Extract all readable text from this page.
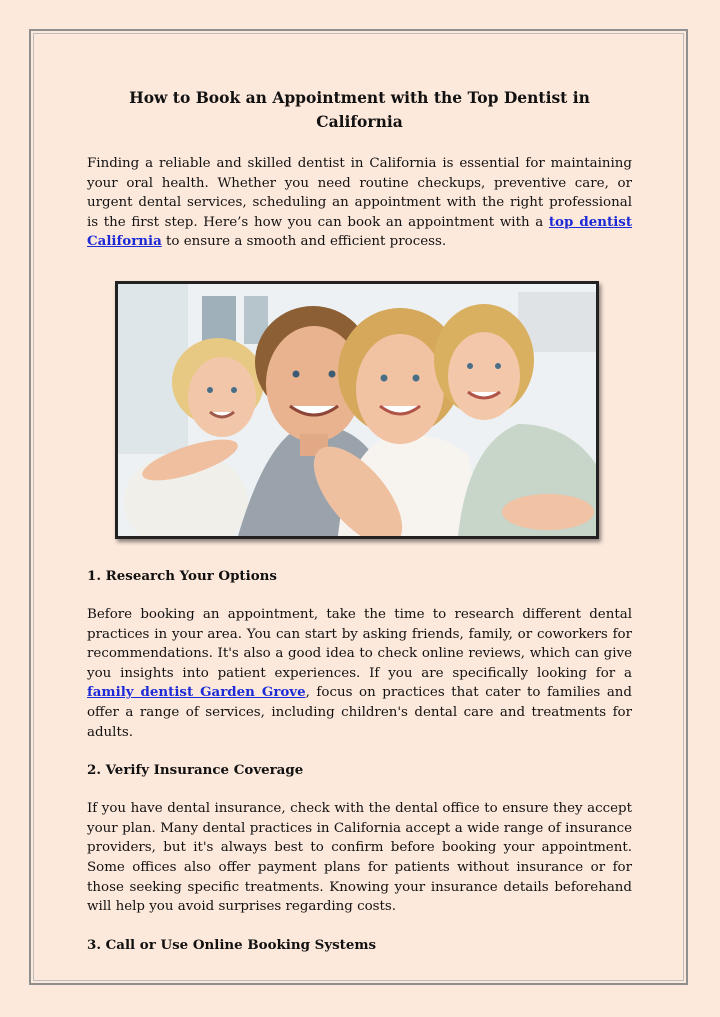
How to Book an Appointment with the Top Dentist in California

Finding a reliable and skilled dentist in California is essential for maintaining your oral health. Whether you need routine checkups, preventive care, or urgent dental services, scheduling an appointment with the right professional is the first step. Here’s how you can book an appointment with a top dentist California to ensure a smooth and efficient process.

1. Research Your Options

Before booking an appointment, take the time to research different dental practices in your area. You can start by asking friends, family, or coworkers for recommendations. It's also a good idea to check online reviews, which can give you insights into patient experiences. If you are specifically looking for a family dentist Garden Grove, focus on practices that cater to families and offer a range of services, including children's dental care and treatments for adults.

2. Verify Insurance Coverage

If you have dental insurance, check with the dental office to ensure they accept your plan. Many dental practices in California accept a wide range of insurance providers, but it's always best to confirm before booking your appointment. Some offices also offer payment plans for patients without insurance or for those seeking specific treatments. Knowing your insurance details beforehand will help you avoid surprises regarding costs.

3. Call or Use Online Booking Systems
